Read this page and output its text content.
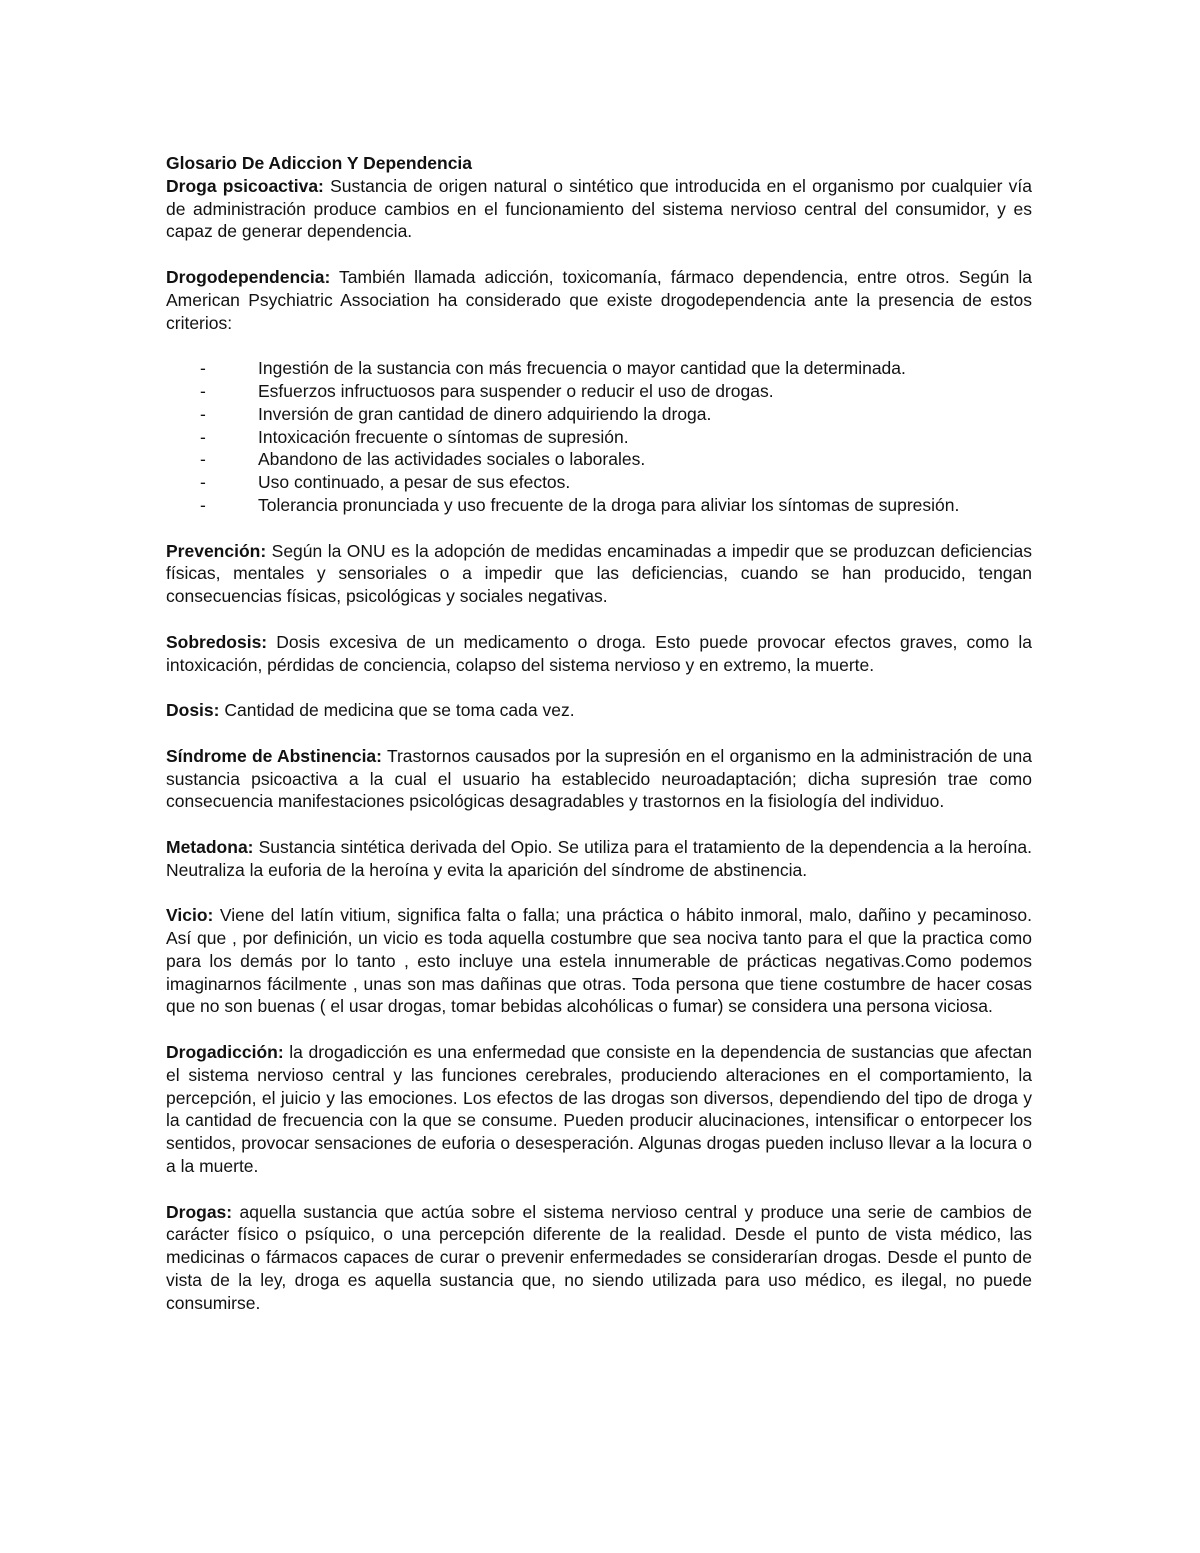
Glosario De Adiccion Y Dependencia

Droga psicoactiva: Sustancia de origen natural o sintético que introducida en el organismo por cualquier vía de administración produce cambios en el funcionamiento del sistema nervioso central del consumidor, y es capaz de generar dependencia.

Drogodependencia: También llamada adicción, toxicomanía, fármaco dependencia, entre otros. Según la American Psychiatric Association ha considerado que existe drogodependencia ante la presencia de estos criterios:

-	Ingestión de la sustancia con más frecuencia o mayor cantidad que la determinada.
-	Esfuerzos infructuosos para suspender o reducir el uso de drogas.
-	Inversión de gran cantidad de dinero adquiriendo la droga.
-	Intoxicación frecuente o síntomas de supresión.
-	Abandono de las actividades sociales o laborales.
-	Uso continuado, a pesar de sus efectos.
-	Tolerancia pronunciada y uso frecuente de la droga para aliviar los síntomas de supresión.

Prevención: Según la ONU es la adopción de medidas encaminadas a impedir que se produzcan deficiencias físicas, mentales y sensoriales o a impedir que las deficiencias, cuando se han producido, tengan consecuencias físicas, psicológicas y sociales negativas.

Sobredosis: Dosis excesiva de un medicamento o droga. Esto puede provocar efectos graves, como la intoxicación, pérdidas de conciencia, colapso del sistema nervioso y en extremo, la muerte.

Dosis: Cantidad de medicina que se toma cada vez.

Síndrome de Abstinencia: Trastornos causados por la supresión en el organismo en la administración de una sustancia psicoactiva a la cual el usuario ha establecido neuroadaptación; dicha supresión trae como consecuencia manifestaciones psicológicas desagradables y trastornos en la fisiología del individuo.

Metadona: Sustancia sintética derivada del Opio. Se utiliza para el tratamiento de la dependencia a la heroína. Neutraliza la euforia de la heroína y evita la aparición del síndrome de abstinencia.

Vicio: Viene del latín vitium, significa falta o falla; una práctica o hábito inmoral, malo, dañino y pecaminoso. Así que , por definición, un vicio es toda aquella costumbre que sea nociva tanto para el que la practica como para los demás por lo tanto , esto incluye una estela innumerable de prácticas negativas.Como podemos imaginarnos fácilmente , unas son mas dañinas que otras. Toda persona que tiene costumbre de hacer cosas que no son buenas ( el usar drogas, tomar bebidas alcohólicas o fumar) se considera una persona viciosa.

Drogadicción: la drogadicción es una enfermedad que consiste en la dependencia de sustancias que afectan el sistema nervioso central y las funciones cerebrales, produciendo alteraciones en el comportamiento, la percepción, el juicio y las emociones. Los efectos de las drogas son diversos, dependiendo del tipo de droga y la cantidad de frecuencia con la que se consume. Pueden producir alucinaciones, intensificar o entorpecer los sentidos, provocar sensaciones de euforia o desesperación. Algunas drogas pueden incluso llevar a la locura o a la muerte.

Drogas: aquella sustancia que actúa sobre el sistema nervioso central y produce una serie de cambios de carácter físico o psíquico, o una percepción diferente de la realidad. Desde el punto de vista médico, las medicinas o fármacos capaces de curar o prevenir enfermedades se considerarían drogas. Desde el punto de vista de la ley, droga es aquella sustancia que, no siendo utilizada para uso médico, es ilegal, no puede consumirse.
